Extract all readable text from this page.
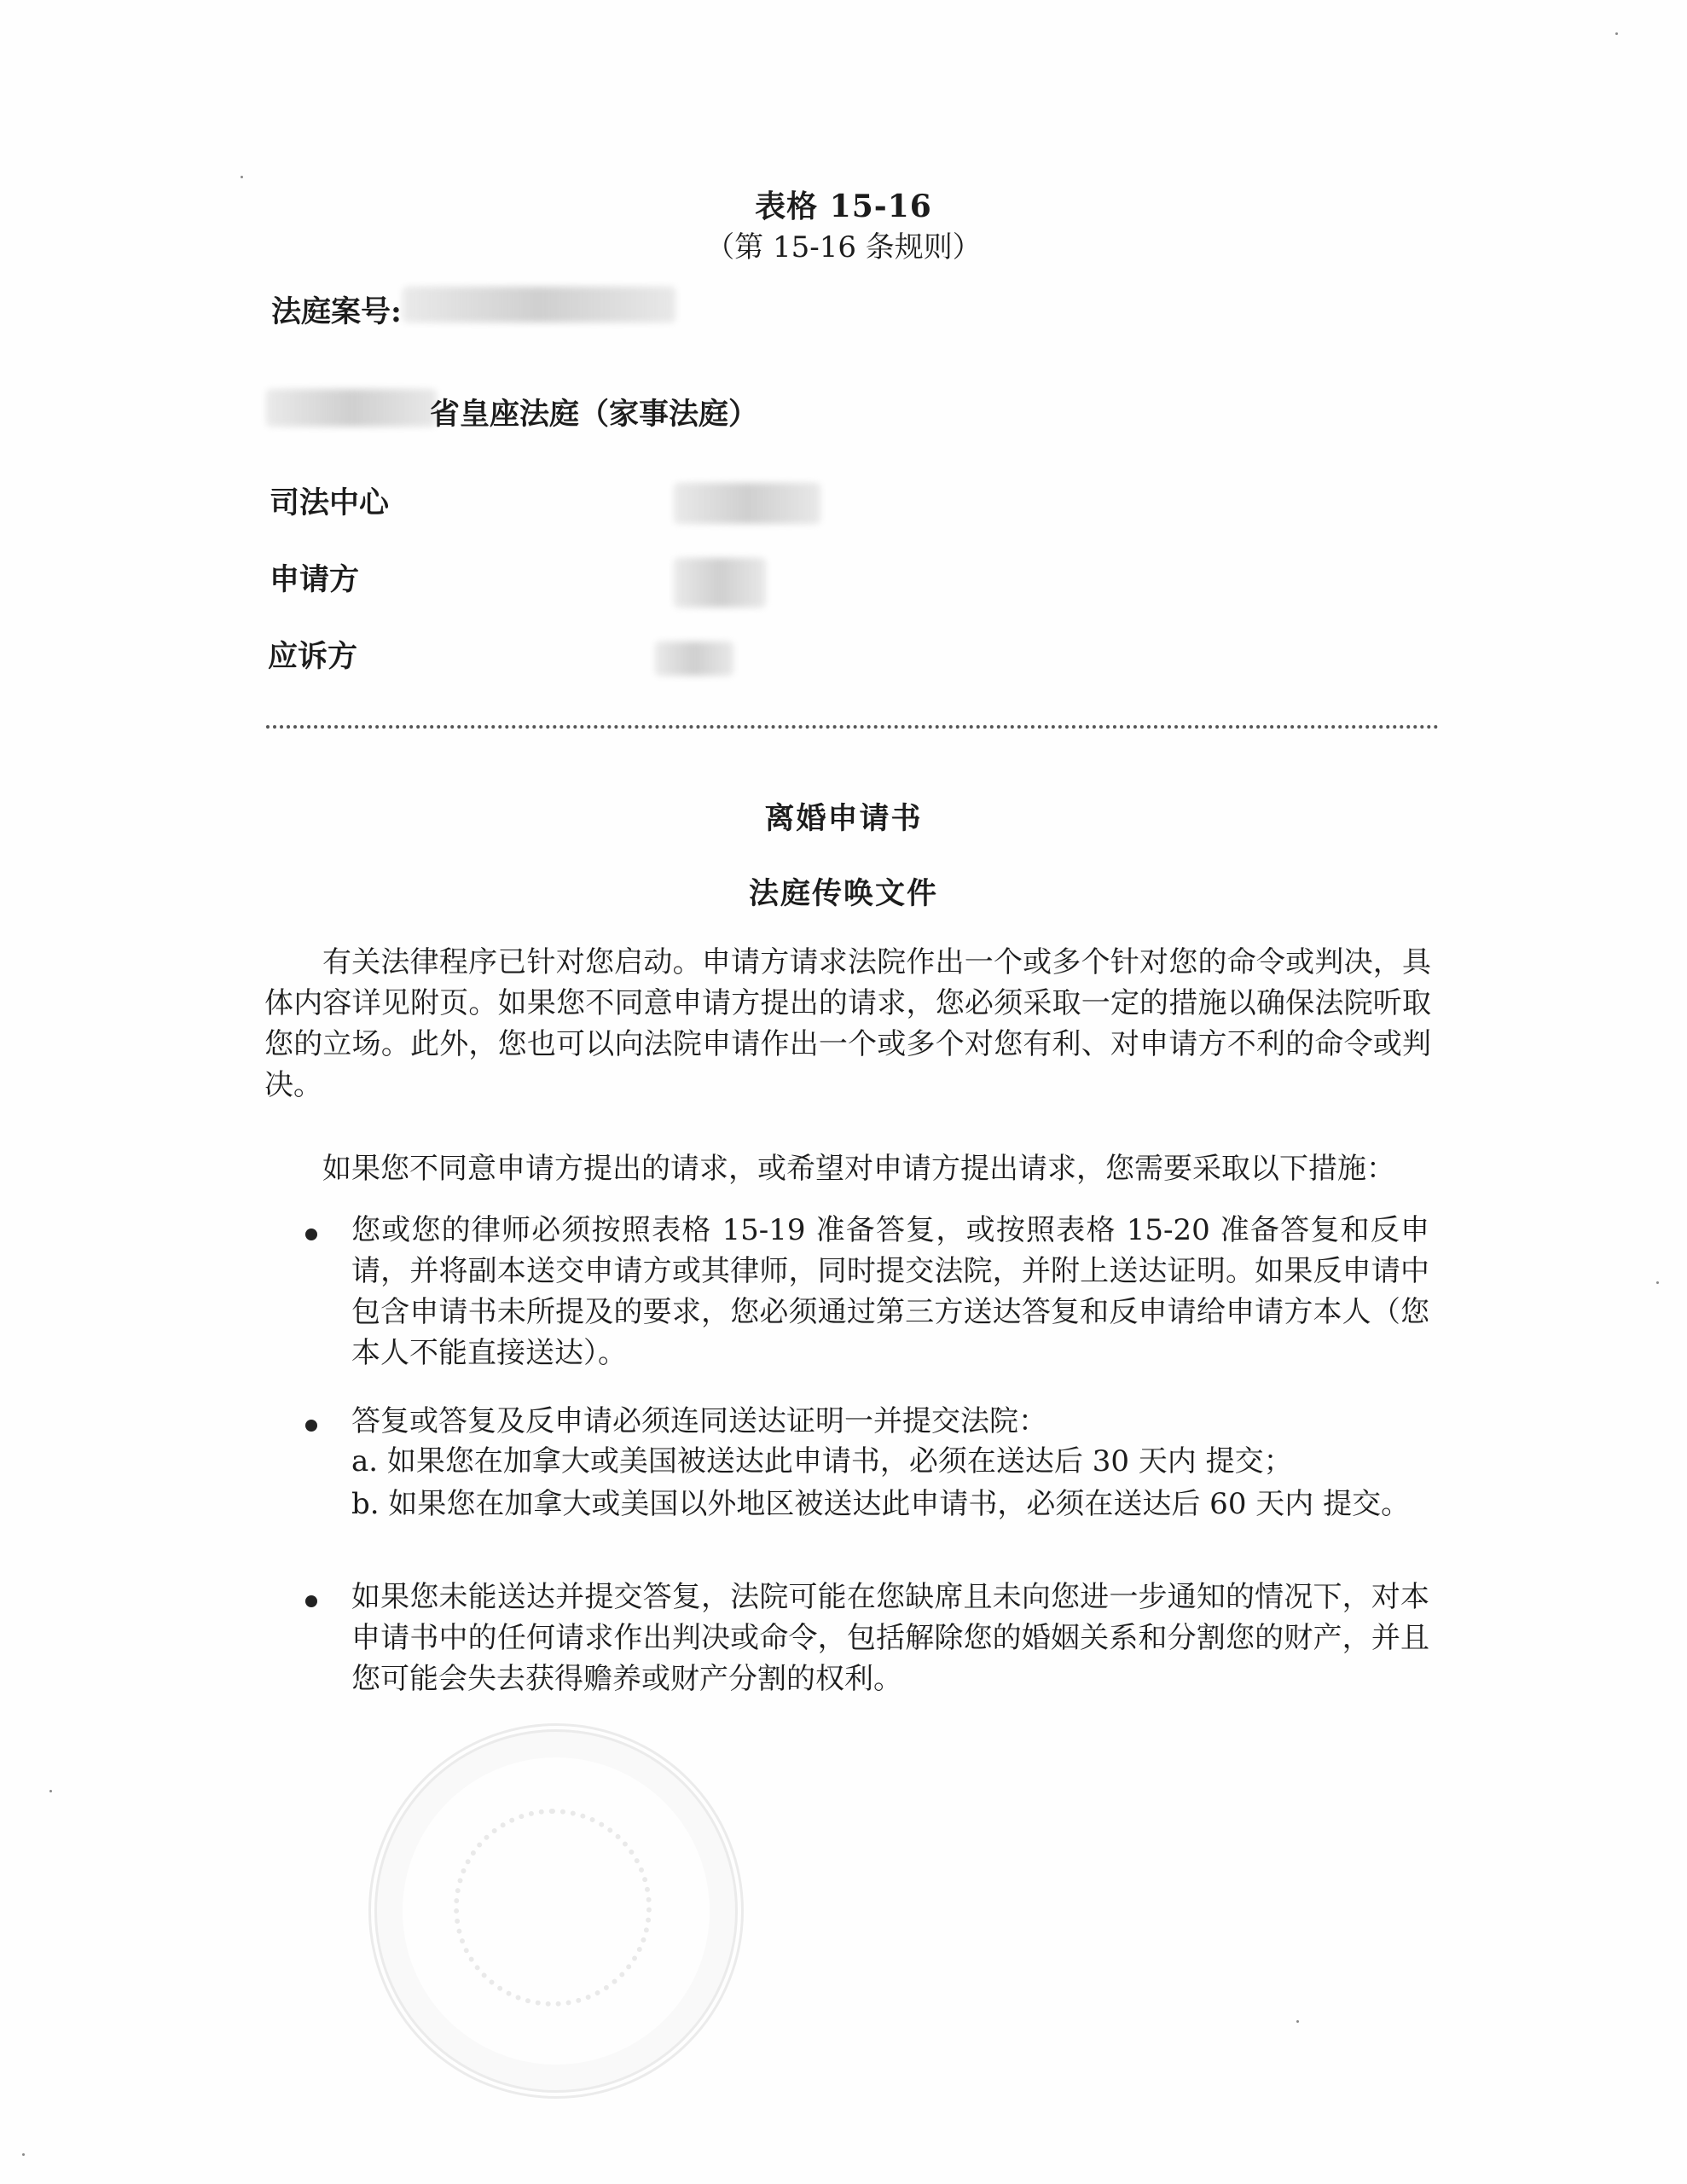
表格 15-16
（第 15-16 条规则）
法庭案号:
省皇座法庭（家事法庭）
司法中心
申请方
应诉方
离婚申请书
法庭传唤文件
有关法律程序已针对您启动。申请方请求法院作出一个或多个针对您的命令或判决，具体内容详见附页。如果您不同意申请方提出的请求，您必须采取一定的措施以确保法院听取您的立场。此外，您也可以向法院申请作出一个或多个对您有利、对申请方不利的命令或判决。
如果您不同意申请方提出的请求，或希望对申请方提出请求，您需要采取以下措施：
您或您的律师必须按照表格 15-19 准备答复，或按照表格 15-20 准备答复和反申请，并将副本送交申请方或其律师，同时提交法院，并附上送达证明。如果反申请中包含申请书未所提及的要求，您必须通过第三方送达答复和反申请给申请方本人（您本人不能直接送达）。
答复或答复及反申请必须连同送达证明一并提交法院：
a. 如果您在加拿大或美国被送达此申请书，必须在送达后 30 天内 提交；
b. 如果您在加拿大或美国以外地区被送达此申请书，必须在送达后 60 天内 提交。
如果您未能送达并提交答复，法院可能在您缺席且未向您进一步通知的情况下，对本申请书中的任何请求作出判决或命令，包括解除您的婚姻关系和分割您的财产，并且您可能会失去获得赡养或财产分割的权利。
